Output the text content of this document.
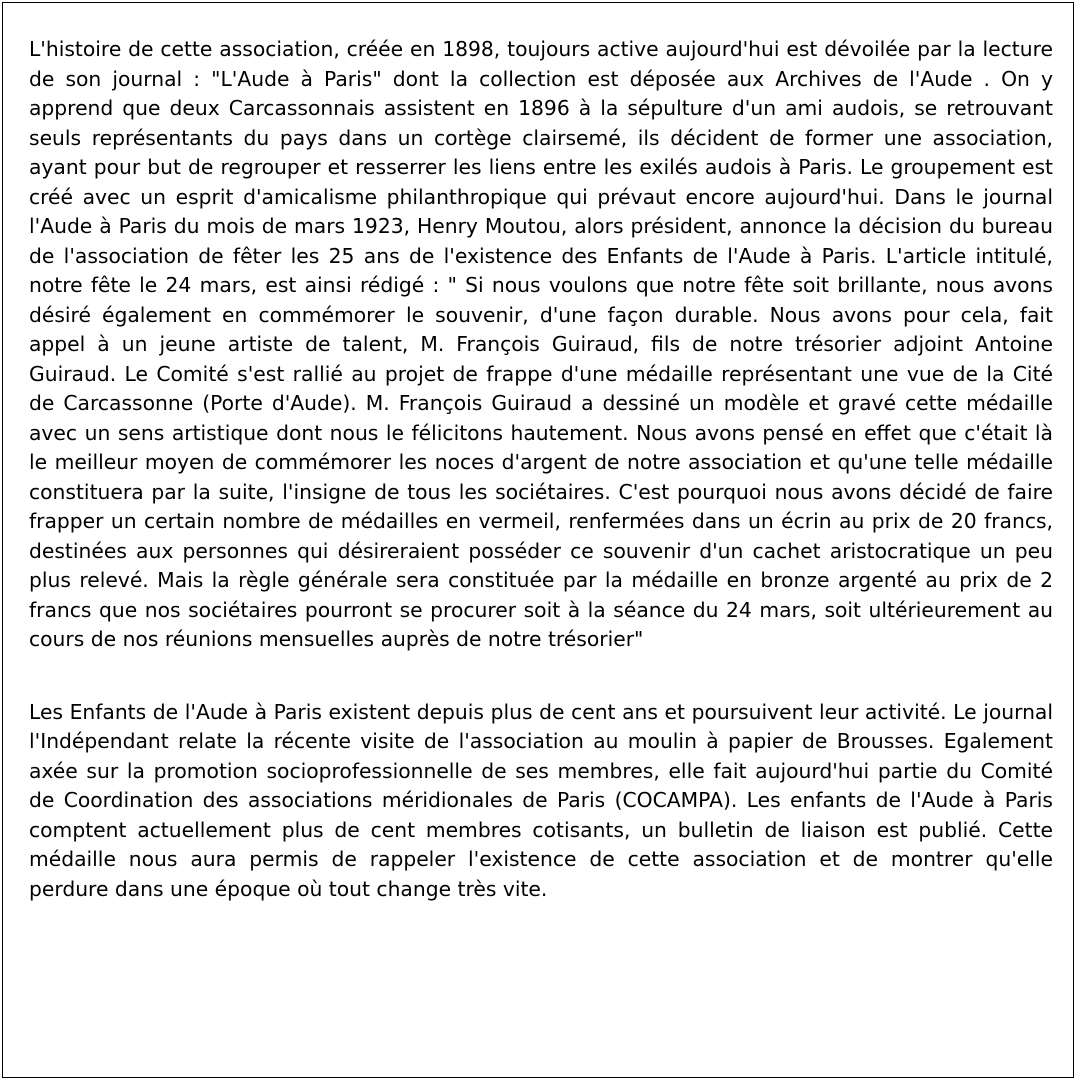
L'histoire de cette association, créée en 1898, toujours active aujourd'hui est dévoilée par la lecture de son journal : "L'Aude à Paris" dont la collection est déposée aux Archives de l'Aude . On y apprend que deux Carcassonnais assistent en 1896 à la sépulture d'un ami audois, se retrouvant seuls représentants du pays dans un cortège clairsemé, ils décident de former une association, ayant pour but de regrouper et resserrer les liens entre les exilés audois à Paris. Le groupement est créé avec un esprit d'amicalisme philanthropique qui prévaut encore aujourd'hui. Dans le journal l'Aude à Paris du mois de mars 1923, Henry Moutou, alors président, annonce la décision du bureau de l'association de fêter les 25 ans de l'existence des Enfants de l'Aude à Paris. L'article intitulé, notre fête le 24 mars, est ainsi rédigé : " Si nous voulons que notre fête soit brillante, nous avons désiré également en commémorer le souvenir, d'une façon durable. Nous avons pour cela, fait appel à un jeune artiste de talent, M. François Guiraud, fils de notre trésorier adjoint Antoine Guiraud. Le Comité s'est rallié au projet de frappe d'une médaille représentant une vue de la Cité de Carcassonne (Porte d'Aude). M. François Guiraud a dessiné un modèle et gravé cette médaille avec un sens artistique dont nous le félicitons hautement. Nous avons pensé en effet que c'était là le meilleur moyen de commémorer les noces d'argent de notre association et qu'une telle médaille constituera par la suite, l'insigne de tous les sociétaires. C'est pourquoi nous avons décidé de faire frapper un certain nombre de médailles en vermeil, renfermées dans un écrin au prix de 20 francs, destinées aux personnes qui désireraient posséder ce souvenir d'un cachet aristocratique un peu plus relevé. Mais la règle générale sera constituée par la médaille en bronze argenté au prix de 2 francs que nos sociétaires pourront se procurer soit à la séance du 24 mars, soit ultérieurement au cours de nos réunions mensuelles auprès de notre trésorier"

Les Enfants de l'Aude à Paris existent depuis plus de cent ans et poursuivent leur activité. Le journal l'Indépendant relate la récente visite de l'association au moulin à papier de Brousses. Egalement axée sur la promotion socioprofessionnelle de ses membres, elle fait aujourd'hui partie du Comité de Coordination des associations méridionales de Paris (COCAMPA). Les enfants de l'Aude à Paris comptent actuellement plus de cent membres cotisants, un bulletin de liaison est publié. Cette médaille nous aura permis de rappeler l'existence de cette association et de montrer qu'elle perdure dans une époque où tout change très vite.
